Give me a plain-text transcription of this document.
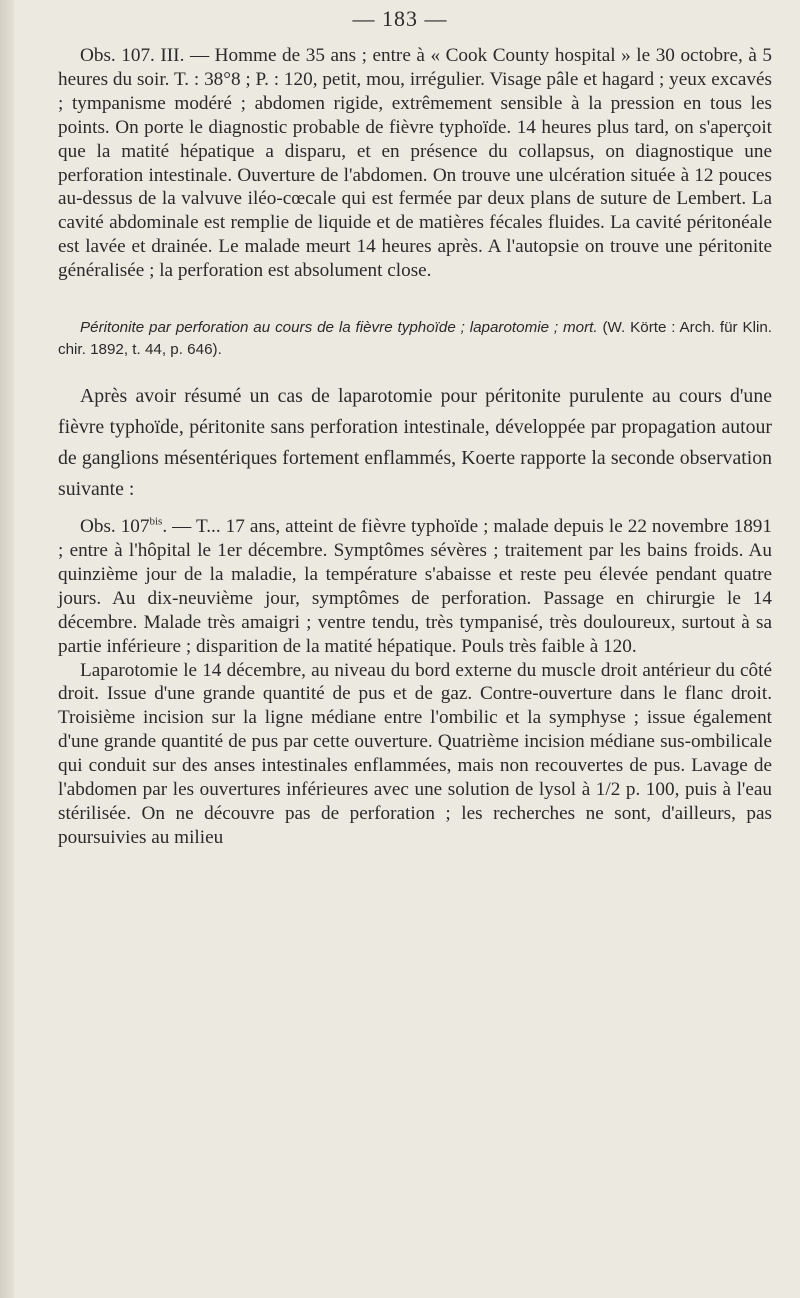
— 183 —

Obs. 107. III. — Homme de 35 ans ; entre à « Cook County hospital » le 30 octobre, à 5 heures du soir. T. : 38°8 ; P. : 120, petit, mou, irrégulier. Visage pâle et hagard ; yeux excavés ; tympanisme modéré ; abdomen rigide, extrêmement sensible à la pression en tous les points. On porte le diagnostic probable de fièvre typhoïde. 14 heures plus tard, on s'aperçoit que la matité hépatique a disparu, et en présence du collapsus, on diagnostique une perforation intestinale. Ouverture de l'abdomen. On trouve une ulcération située à 12 pouces au-dessus de la valvuve iléo-cœcale qui est fermée par deux plans de suture de Lembert. La cavité abdominale est remplie de liquide et de matières fécales fluides. La cavité péritonéale est lavée et drainée. Le malade meurt 14 heures après. A l'autopsie on trouve une péritonite généralisée ; la perforation est absolument close.

Péritonite par perforation au cours de la fièvre typhoïde ; laparotomie ; mort. (W. Körte : Arch. für Klin. chir. 1892, t. 44, p. 646).

Après avoir résumé un cas de laparotomie pour péritonite purulente au cours d'une fièvre typhoïde, péritonite sans perforation intestinale, développée par propagation autour de ganglions mésentériques fortement enflammés, Koerte rapporte la seconde observation suivante :

Obs. $107^{bis}$. — T... 17 ans, atteint de fièvre typhoïde ; malade depuis le 22 novembre 1891 ; entre à l'hôpital le 1er décembre. Symptômes sévères ; traitement par les bains froids. Au quinzième jour de la maladie, la température s'abaisse et reste peu élevée pendant quatre jours. Au dix-neuvième jour, symptômes de perforation. Passage en chirurgie le 14 décembre. Malade très amaigri ; ventre tendu, très tympanisé, très douloureux, surtout à sa partie inférieure ; disparition de la matité hépatique. Pouls très faible à 120.

Laparotomie le 14 décembre, au niveau du bord externe du muscle droit antérieur du côté droit. Issue d'une grande quantité de pus et de gaz. Contre-ouverture dans le flanc droit. Troisième incision sur la ligne médiane entre l'ombilic et la symphyse ; issue également d'une grande quantité de pus par cette ouverture. Quatrième incision médiane sus-ombilicale qui conduit sur des anses intestinales enflammées, mais non recouvertes de pus. Lavage de l'abdomen par les ouvertures inférieures avec une solution de lysol à 1/2 p. 100, puis à l'eau stérilisée. On ne découvre pas de perforation ; les recherches ne sont, d'ailleurs, pas poursuivies au milieu
